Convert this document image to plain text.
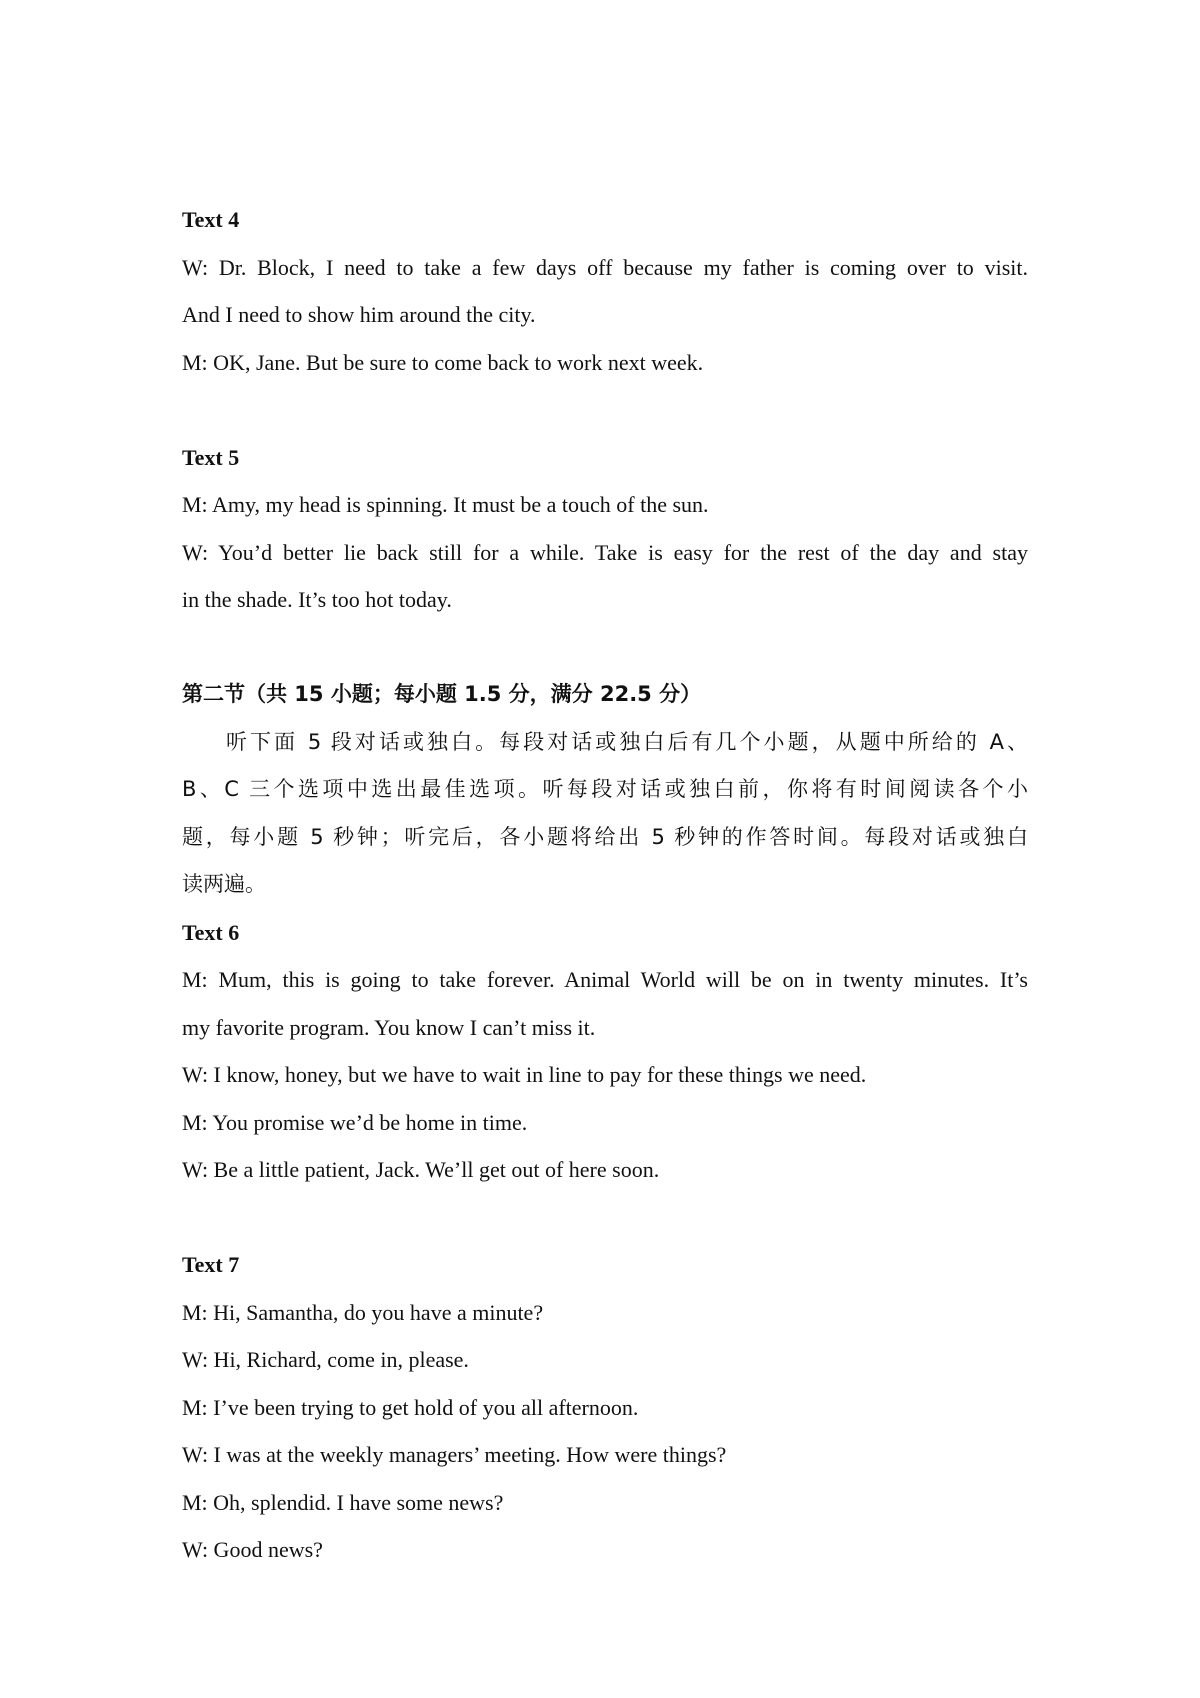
Text 4

W: Dr. Block, I need to take a few days off because my father is coming over to visit.

And I need to show him around the city.

M: OK, Jane. But be sure to come back to work next week.

Text 5

M: Amy, my head is spinning. It must be a touch of the sun.

W: You’d better lie back still for a while. Take is easy for the rest of the day and stay

in the shade. It’s too hot today.

第二节（共 15 小题；每小题 1.5 分，满分 22.5 分）

听下面 5 段对话或独白。每段对话或独白后有几个小题，从题中所给的 A、

B、C 三个选项中选出最佳选项。听每段对话或独白前，你将有时间阅读各个小

题，每小题 5 秒钟；听完后，各小题将给出 5 秒钟的作答时间。每段对话或独白

读两遍。

Text 6

M: Mum, this is going to take forever. Animal World will be on in twenty minutes. It’s

my favorite program. You know I can’t miss it.

W: I know, honey, but we have to wait in line to pay for these things we need.

M: You promise we’d be home in time.

W: Be a little patient, Jack. We’ll get out of here soon.

Text 7

M: Hi, Samantha, do you have a minute?

W: Hi, Richard, come in, please.

M: I’ve been trying to get hold of you all afternoon.

W: I was at the weekly managers’ meeting. How were things?

M: Oh, splendid. I have some news?

W: Good news?
